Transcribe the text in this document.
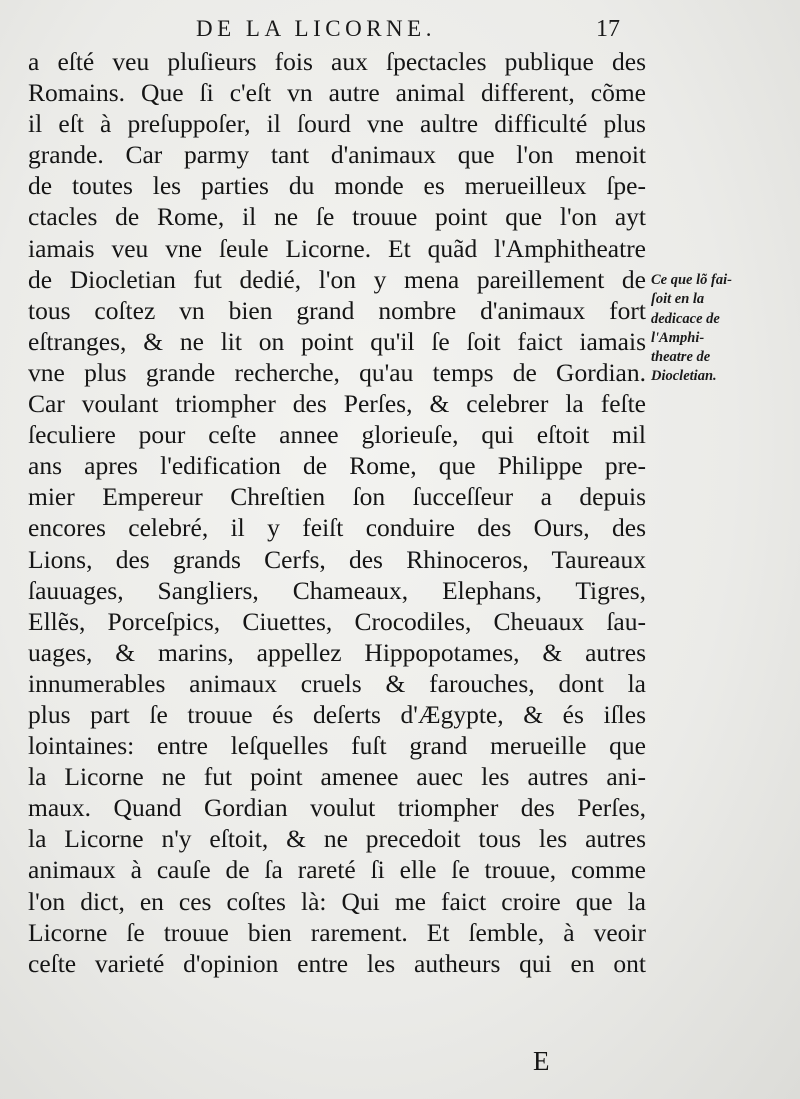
DE LA LICORNE.	17
a eſté veu pluſieurs fois aux ſpectacles publique des
Romains. Que ſi c'eſt vn autre animal different, cõme
il eſt à preſuppoſer, il ſourd vne aultre difficulté plus
grande. Car parmy tant d'animaux que l'on menoit
de toutes les parties du monde es merueilleux ſpe-
ctacles de Rome, il ne ſe trouue point que l'on ayt
iamais veu vne ſeule Licorne. Et quãd l'Amphitheatre
de Diocletian fut dedié, l'on y mena pareillement de
tous coſtez vn bien grand nombre d'animaux fort
eſtranges, & ne lit on point qu'il ſe ſoit faict iamais
vne plus grande recherche, qu'au temps de Gordian.
Car voulant triompher des Perſes, & celebrer la feſte
ſeculiere pour ceſte annee glorieuſe, qui eſtoit mil
ans apres l'edification de Rome, que Philippe pre-
mier Empereur Chreſtien ſon ſucceſſeur a depuis
encores celebré, il y feiſt conduire des Ours, des
Lions, des grands Cerfs, des Rhinoceros, Taureaux
ſauuages, Sangliers, Chameaux, Elephans, Tigres,
Ellẽs, Porceſpics, Ciuettes, Crocodiles, Cheuaux ſau-
uages, & marins, appellez Hippopotames, & autres
innumerables animaux cruels & farouches, dont la
plus part ſe trouue és deſerts d'Ægypte, & és iſles
lointaines: entre leſquelles fuſt grand merueille que
la Licorne ne fut point amenee auec les autres ani-
maux. Quand Gordian voulut triompher des Perſes,
la Licorne n'y eſtoit, & ne precedoit tous les autres
animaux à cauſe de ſa rareté ſi elle ſe trouue, comme
l'on dict, en ces coſtes là: Qui me faict croire que la
Licorne ſe trouue bien rarement. Et ſemble, à veoir
ceſte varieté d'opinion entre les autheurs qui en ont
Ce que lõ fai-
ſoit en la
dedicace de
l'Amphi-
theatre de
Diocletian.
E
